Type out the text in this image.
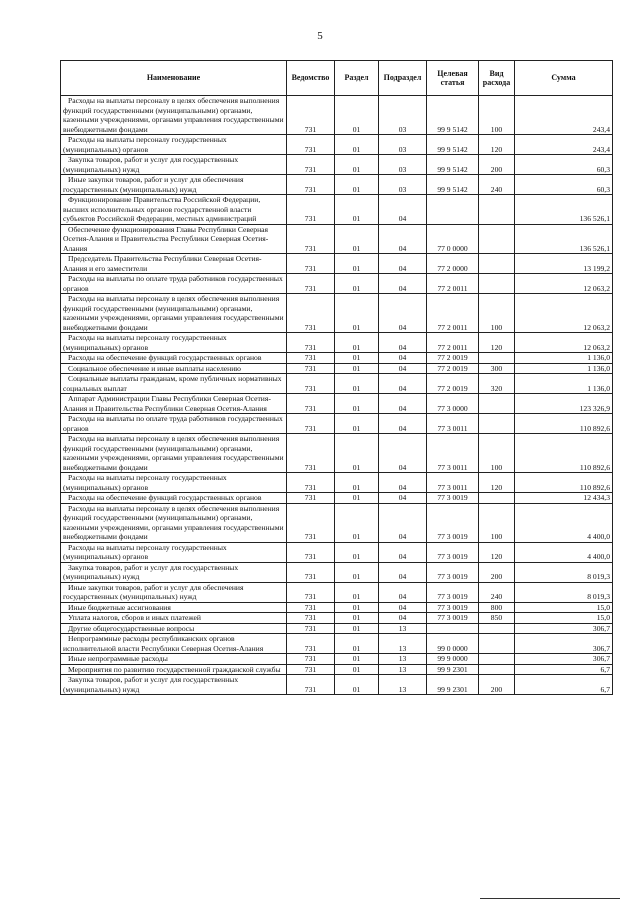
5
Наименование	Ведомство	Раздел	Подраздел	Целевая статья	Вид расхода	Сумма
Расходы на выплаты персоналу в целях обеспечения выполнения функций государственными (муниципальными) органами, казенными учреждениями, органами управления государственными внебюджетными фондами	731	01	03	99 9 5142	100	243,4
Расходы на выплаты персоналу государственных (муниципальных) органов	731	01	03	99 9 5142	120	243,4
Закупка товаров, работ и услуг для государственных (муниципальных) нужд	731	01	03	99 9 5142	200	60,3
Иные закупки товаров, работ и услуг для обеспечения государственных (муниципальных) нужд	731	01	03	99 9 5142	240	60,3
Функционирование Правительства Российской Федерации, высших исполнительных органов государственной власти субъектов Российской Федерации, местных администраций	731	01	04			136 526,1
Обеспечение функционирования Главы Республики Северная Осетия-Алания и Правительства Республики Северная Осетия-Алания	731	01	04	77 0 0000		136 526,1
Председатель Правительства Республики Северная Осетия-Алания и его заместители	731	01	04	77 2 0000		13 199,2
Расходы на выплаты по оплате труда работников государственных органов	731	01	04	77 2 0011		12 063,2
Расходы на выплаты персоналу в целях обеспечения выполнения функций государственными (муниципальными) органами, казенными учреждениями, органами управления государственными внебюджетными фондами	731	01	04	77 2 0011	100	12 063,2
Расходы на выплаты персоналу государственных (муниципальных) органов	731	01	04	77 2 0011	120	12 063,2
Расходы на обеспечение функций государственных органов	731	01	04	77 2 0019		1 136,0
Социальное обеспечение и иные выплаты населению	731	01	04	77 2 0019	300	1 136,0
Социальные выплаты гражданам, кроме публичных нормативных социальных выплат	731	01	04	77 2 0019	320	1 136,0
Аппарат Администрации Главы Республики Северная Осетия-Алания и Правительства Республики Северная Осетия-Алания	731	01	04	77 3 0000		123 326,9
Расходы на выплаты по оплате труда работников государственных органов	731	01	04	77 3 0011		110 892,6
Расходы на выплаты персоналу в целях обеспечения выполнения функций государственными (муниципальными) органами, казенными учреждениями, органами управления государственными внебюджетными фондами	731	01	04	77 3 0011	100	110 892,6
Расходы на выплаты персоналу государственных (муниципальных) органов	731	01	04	77 3 0011	120	110 892,6
Расходы на обеспечение функций государственных органов	731	01	04	77 3 0019		12 434,3
Расходы на выплаты персоналу в целях обеспечения выполнения функций государственными (муниципальными) органами, казенными учреждениями, органами управления государственными внебюджетными фондами	731	01	04	77 3 0019	100	4 400,0
Расходы на выплаты персоналу государственных (муниципальных) органов	731	01	04	77 3 0019	120	4 400,0
Закупка товаров, работ и услуг для государственных (муниципальных) нужд	731	01	04	77 3 0019	200	8 019,3
Иные закупки товаров, работ и услуг для обеспечения государственных (муниципальных) нужд	731	01	04	77 3 0019	240	8 019,3
Иные бюджетные ассигнования	731	01	04	77 3 0019	800	15,0
Уплата налогов, сборов и иных платежей	731	01	04	77 3 0019	850	15,0
Другие общегосударственные вопросы	731	01	13			306,7
Непрограммные расходы республиканских органов исполнительной власти Республики Северная Осетия-Алания	731	01	13	99 0 0000		306,7
Иные непрограммные расходы	731	01	13	99 9 0000		306,7
Мероприятия по развитию государственной гражданской службы	731	01	13	99 9 2301		6,7
Закупка товаров, работ и услуг для государственных (муниципальных) нужд	731	01	13	99 9 2301	200	6,7
